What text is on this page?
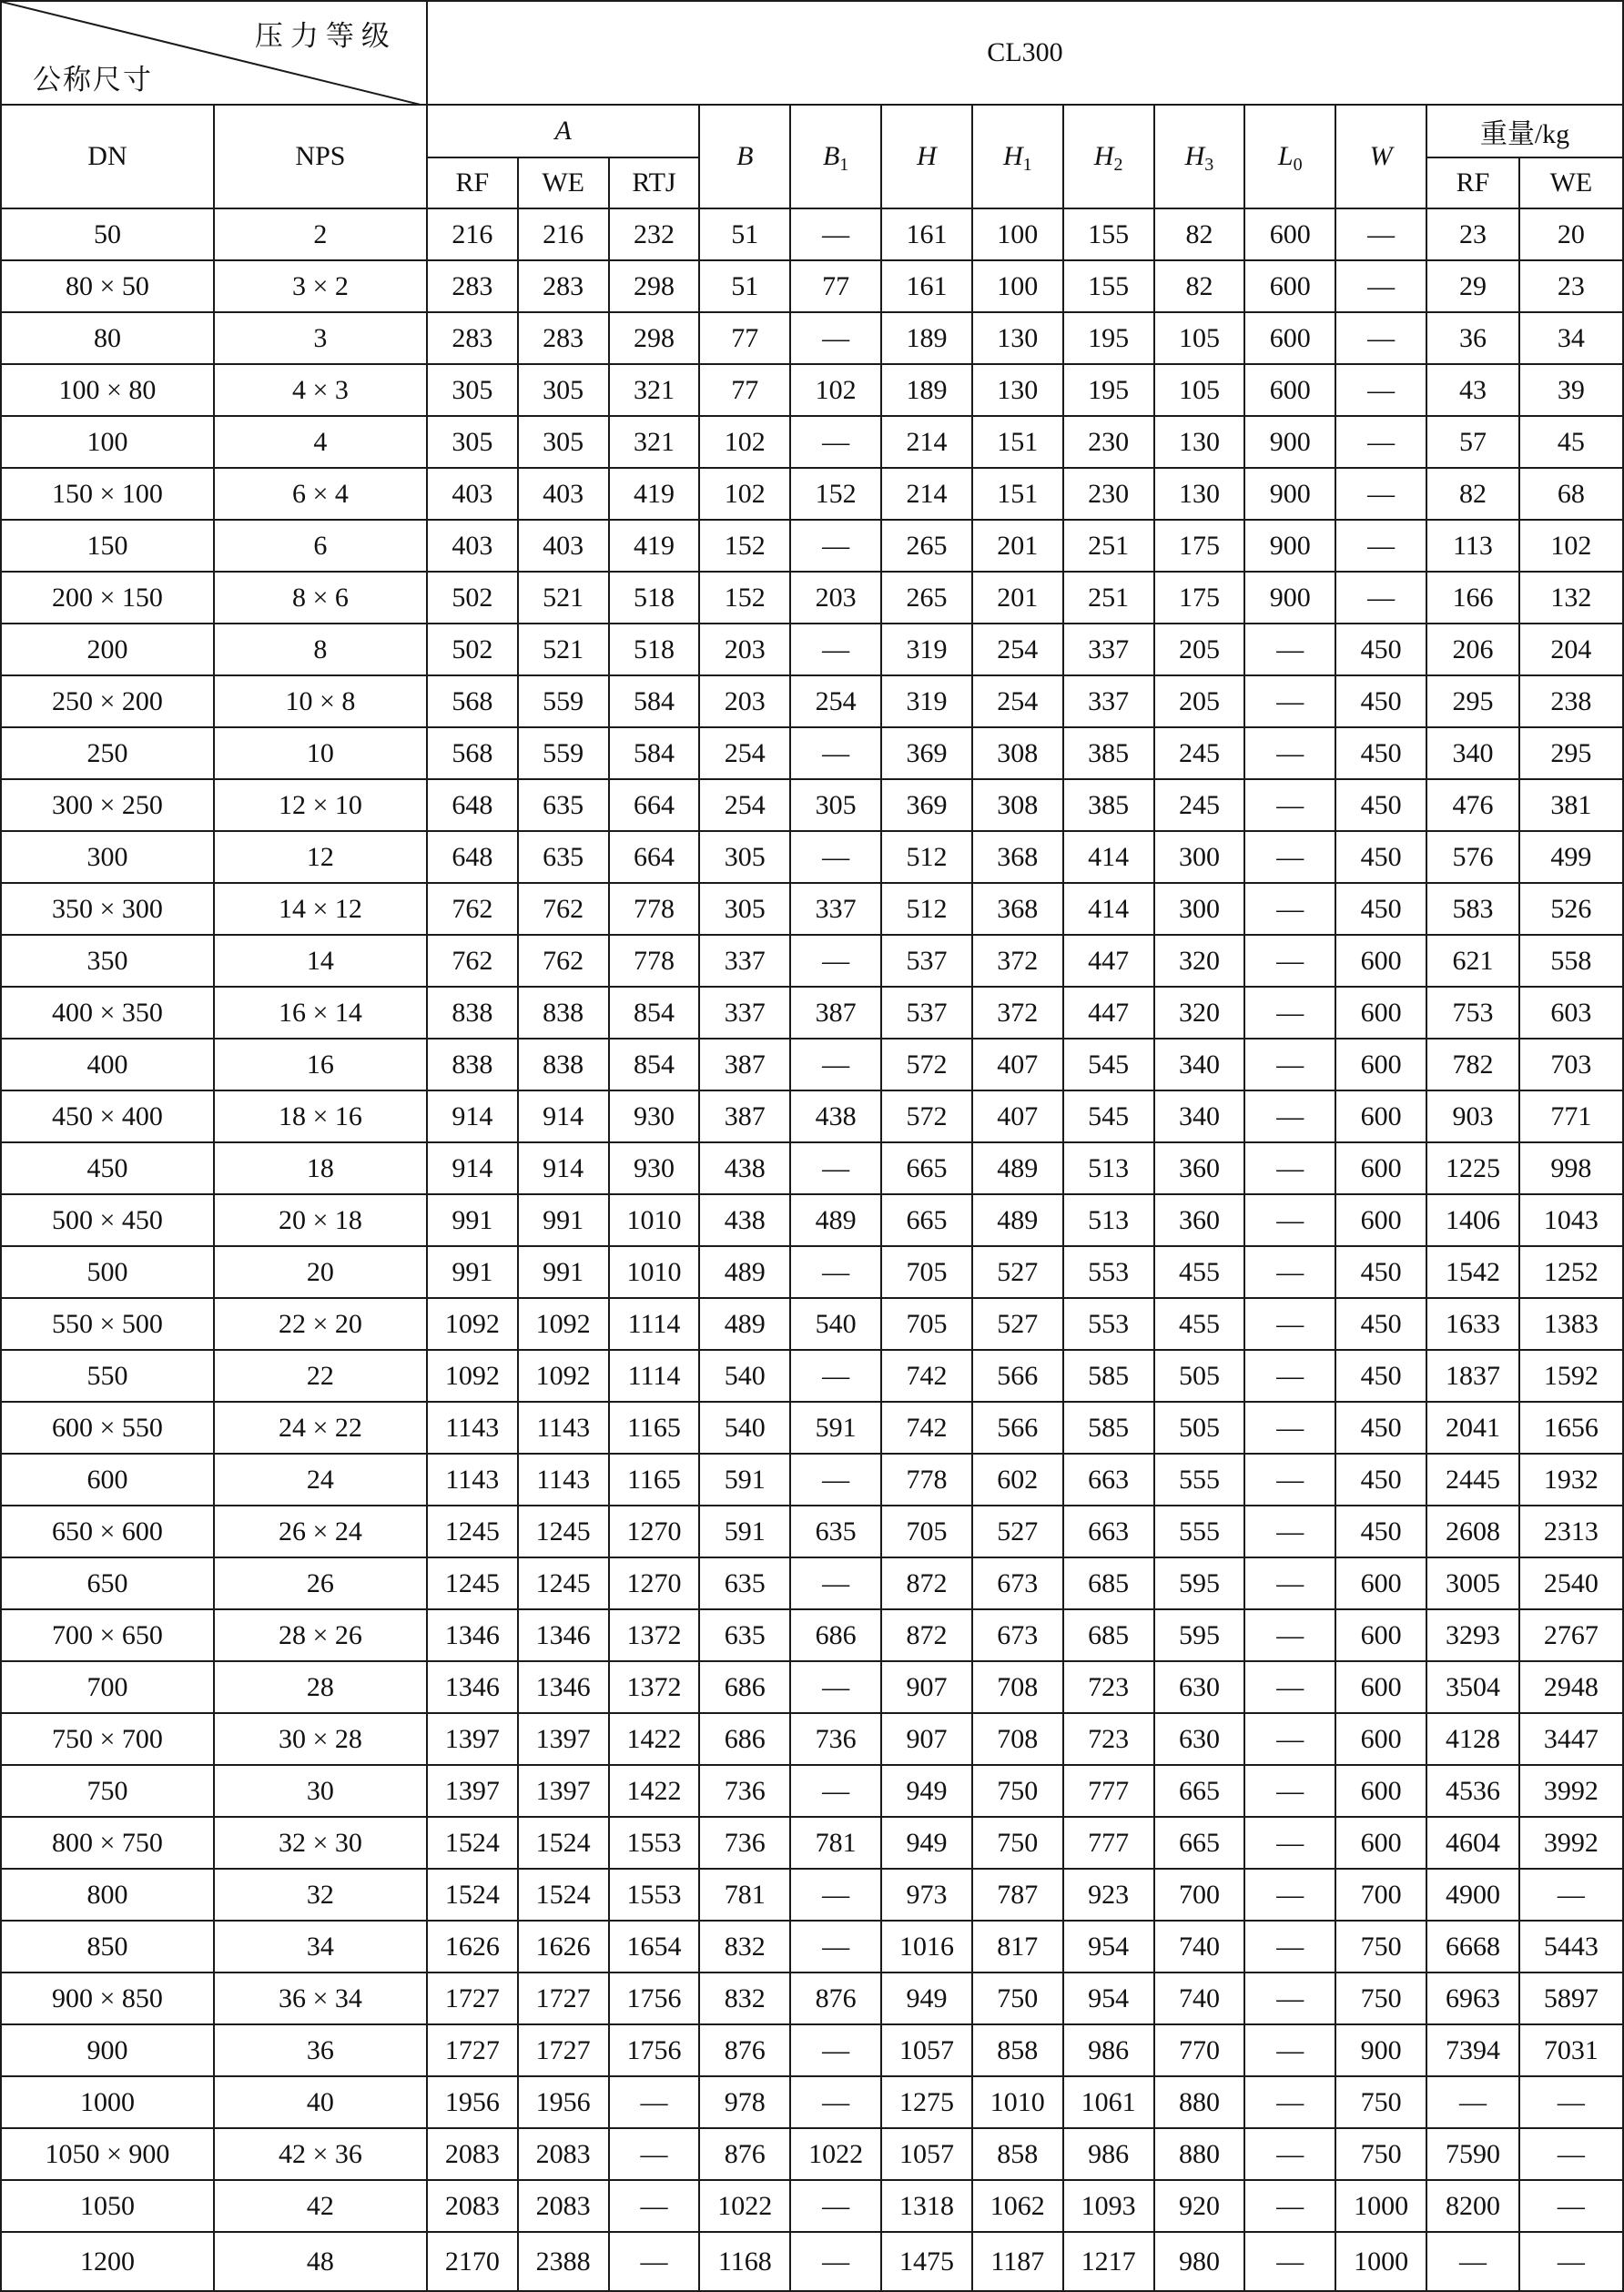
压力等级
公称尺寸		CL300												
DN	NPS	A			B	$B_1$	H	$H_1$	$H_2$	$H_3$	$L_0$	W	重量/kg	
		RF	WE	RTJ									RF	WE
50	2	216	216	232	51	—	161	100	155	82	600	—	23	20
80 × 50	3 × 2	283	283	298	51	77	161	100	155	82	600	—	29	23
80	3	283	283	298	77	—	189	130	195	105	600	—	36	34
100 × 80	4 × 3	305	305	321	77	102	189	130	195	105	600	—	43	39
100	4	305	305	321	102	—	214	151	230	130	900	—	57	45
150 × 100	6 × 4	403	403	419	102	152	214	151	230	130	900	—	82	68
150	6	403	403	419	152	—	265	201	251	175	900	—	113	102
200 × 150	8 × 6	502	521	518	152	203	265	201	251	175	900	—	166	132
200	8	502	521	518	203	—	319	254	337	205	—	450	206	204
250 × 200	10 × 8	568	559	584	203	254	319	254	337	205	—	450	295	238
250	10	568	559	584	254	—	369	308	385	245	—	450	340	295
300 × 250	12 × 10	648	635	664	254	305	369	308	385	245	—	450	476	381
300	12	648	635	664	305	—	512	368	414	300	—	450	576	499
350 × 300	14 × 12	762	762	778	305	337	512	368	414	300	—	450	583	526
350	14	762	762	778	337	—	537	372	447	320	—	600	621	558
400 × 350	16 × 14	838	838	854	337	387	537	372	447	320	—	600	753	603
400	16	838	838	854	387	—	572	407	545	340	—	600	782	703
450 × 400	18 × 16	914	914	930	387	438	572	407	545	340	—	600	903	771
450	18	914	914	930	438	—	665	489	513	360	—	600	1225	998
500 × 450	20 × 18	991	991	1010	438	489	665	489	513	360	—	600	1406	1043
500	20	991	991	1010	489	—	705	527	553	455	—	450	1542	1252
550 × 500	22 × 20	1092	1092	1114	489	540	705	527	553	455	—	450	1633	1383
550	22	1092	1092	1114	540	—	742	566	585	505	—	450	1837	1592
600 × 550	24 × 22	1143	1143	1165	540	591	742	566	585	505	—	450	2041	1656
600	24	1143	1143	1165	591	—	778	602	663	555	—	450	2445	1932
650 × 600	26 × 24	1245	1245	1270	591	635	705	527	663	555	—	450	2608	2313
650	26	1245	1245	1270	635	—	872	673	685	595	—	600	3005	2540
700 × 650	28 × 26	1346	1346	1372	635	686	872	673	685	595	—	600	3293	2767
700	28	1346	1346	1372	686	—	907	708	723	630	—	600	3504	2948
750 × 700	30 × 28	1397	1397	1422	686	736	907	708	723	630	—	600	4128	3447
750	30	1397	1397	1422	736	—	949	750	777	665	—	600	4536	3992
800 × 750	32 × 30	1524	1524	1553	736	781	949	750	777	665	—	600	4604	3992
800	32	1524	1524	1553	781	—	973	787	923	700	—	700	4900	—
850	34	1626	1626	1654	832	—	1016	817	954	740	—	750	6668	5443
900 × 850	36 × 34	1727	1727	1756	832	876	949	750	954	740	—	750	6963	5897
900	36	1727	1727	1756	876	—	1057	858	986	770	—	900	7394	7031
1000	40	1956	1956	—	978	—	1275	1010	1061	880	—	750	—	—
1050 × 900	42 × 36	2083	2083	—	876	1022	1057	858	986	880	—	750	7590	—
1050	42	2083	2083	—	1022	—	1318	1062	1093	920	—	1000	8200	—
1200	48	2170	2388	—	1168	—	1475	1187	1217	980	—	1000	—	—
